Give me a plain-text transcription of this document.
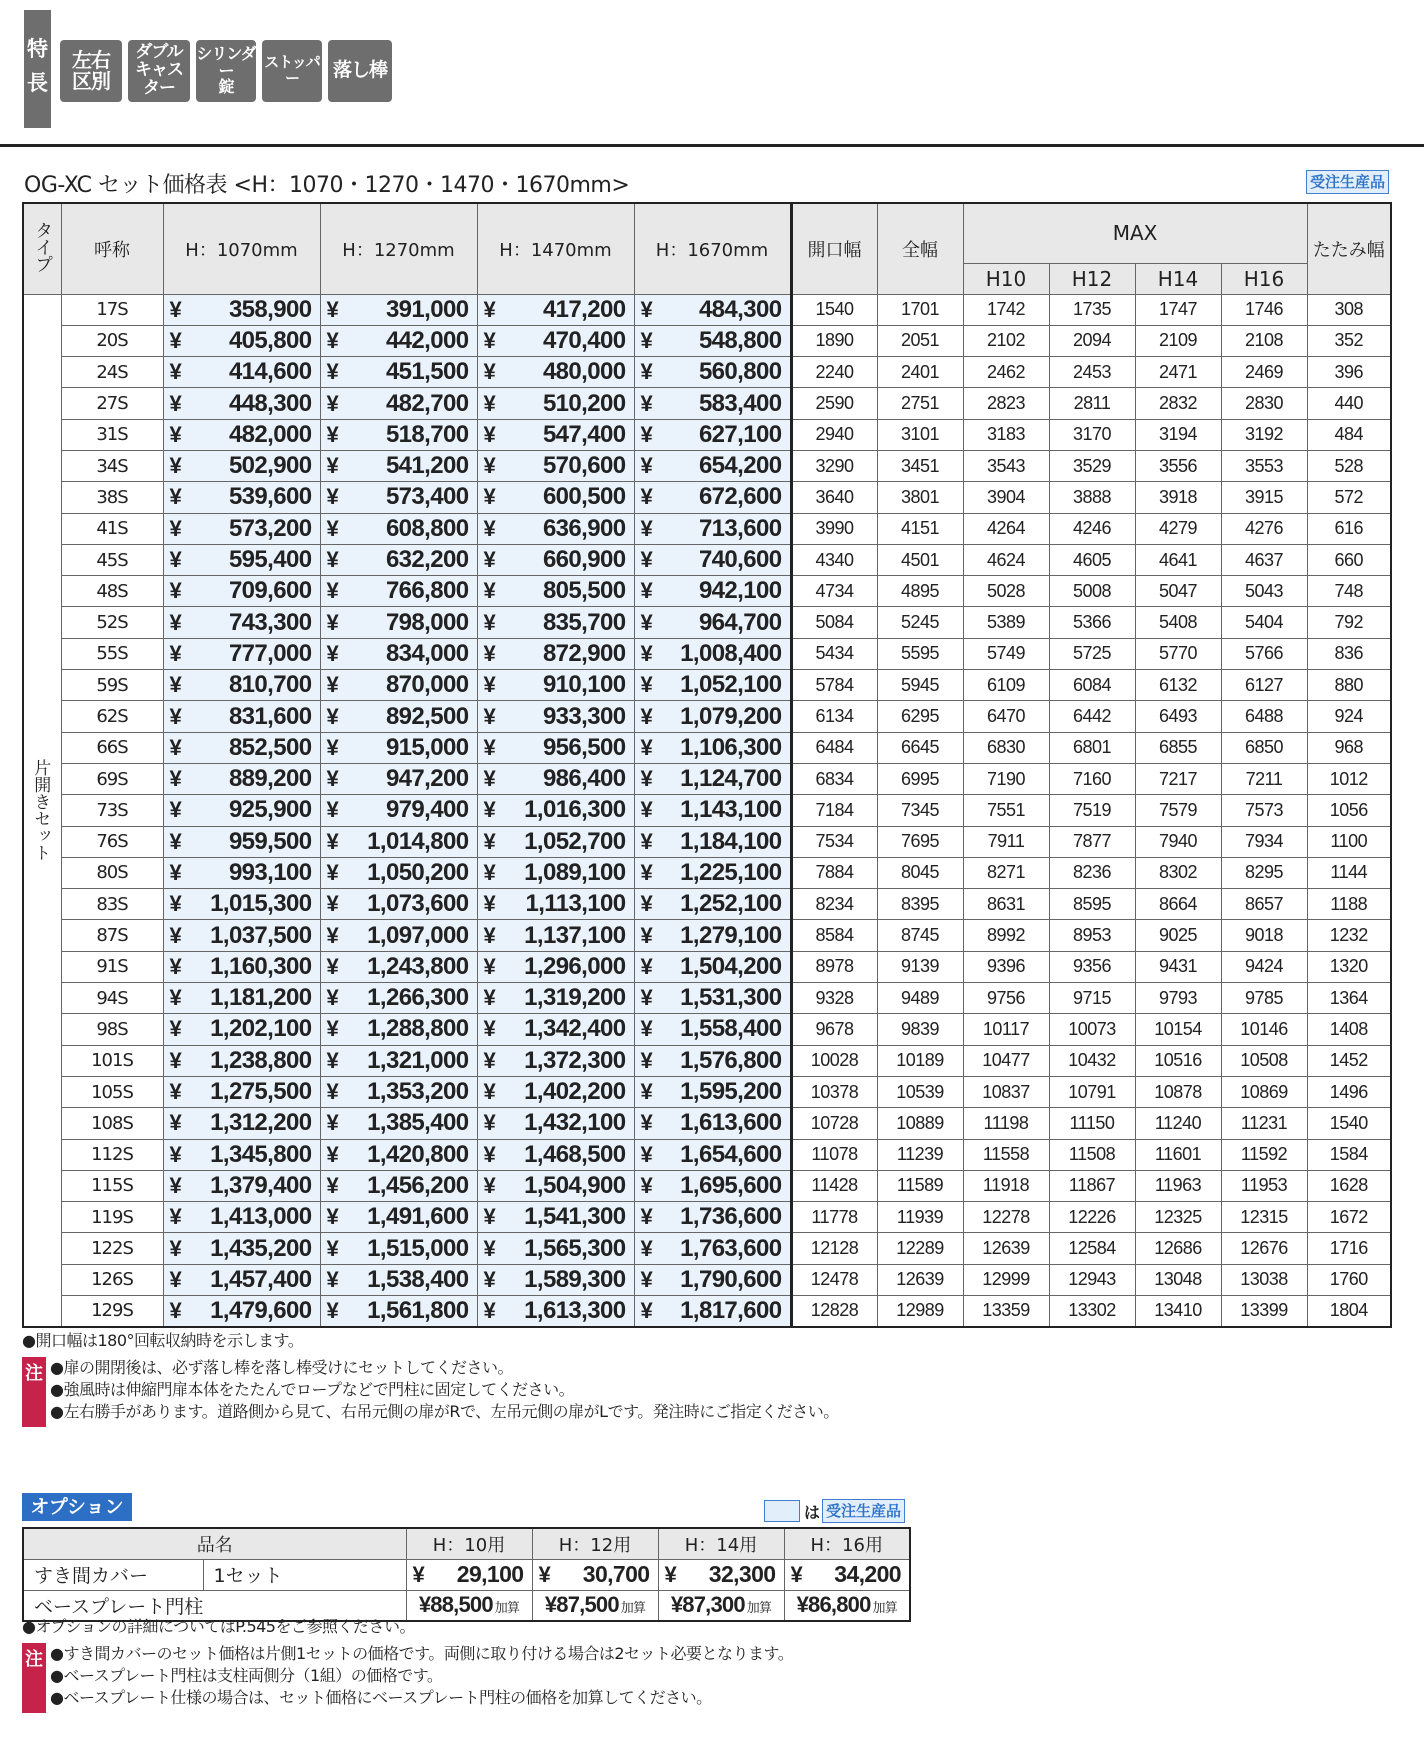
特
長
左右
区別
ダブル
キャスター
シリンダー
錠
ストッパー	落し棒
OG-XC セット価格表 <H：1070・1270・1470・1670mm>	受注生産品
タイプ	呼称	H：1070mm	H：1270mm	H：1470mm	H：1670mm	開口幅	全幅	MAX				たたみ幅
								H10	H12	H14	H16	

片開きセット	17S	¥ 358,900	¥ 391,000	¥ 417,200	¥ 484,300	1540	1701	1742	1735	1747	1746	308
	20S	¥ 405,800	¥ 442,000	¥ 470,400	¥ 548,800	1890	2051	2102	2094	2109	2108	352
	24S	¥ 414,600	¥ 451,500	¥ 480,000	¥ 560,800	2240	2401	2462	2453	2471	2469	396
	27S	¥ 448,300	¥ 482,700	¥ 510,200	¥ 583,400	2590	2751	2823	2811	2832	2830	440
	31S	¥ 482,000	¥ 518,700	¥ 547,400	¥ 627,100	2940	3101	3183	3170	3194	3192	484
	34S	¥ 502,900	¥ 541,200	¥ 570,600	¥ 654,200	3290	3451	3543	3529	3556	3553	528
	38S	¥ 539,600	¥ 573,400	¥ 600,500	¥ 672,600	3640	3801	3904	3888	3918	3915	572
	41S	¥ 573,200	¥ 608,800	¥ 636,900	¥ 713,600	3990	4151	4264	4246	4279	4276	616
	45S	¥ 595,400	¥ 632,200	¥ 660,900	¥ 740,600	4340	4501	4624	4605	4641	4637	660
	48S	¥ 709,600	¥ 766,800	¥ 805,500	¥ 942,100	4734	4895	5028	5008	5047	5043	748
	52S	¥ 743,300	¥ 798,000	¥ 835,700	¥ 964,700	5084	5245	5389	5366	5408	5404	792
	55S	¥ 777,000	¥ 834,000	¥ 872,900	¥ 1,008,400	5434	5595	5749	5725	5770	5766	836
	59S	¥ 810,700	¥ 870,000	¥ 910,100	¥ 1,052,100	5784	5945	6109	6084	6132	6127	880
	62S	¥ 831,600	¥ 892,500	¥ 933,300	¥ 1,079,200	6134	6295	6470	6442	6493	6488	924
	66S	¥ 852,500	¥ 915,000	¥ 956,500	¥ 1,106,300	6484	6645	6830	6801	6855	6850	968
	69S	¥ 889,200	¥ 947,200	¥ 986,400	¥ 1,124,700	6834	6995	7190	7160	7217	7211	1012
	73S	¥ 925,900	¥ 979,400	¥ 1,016,300	¥ 1,143,100	7184	7345	7551	7519	7579	7573	1056
	76S	¥ 959,500	¥ 1,014,800	¥ 1,052,700	¥ 1,184,100	7534	7695	7911	7877	7940	7934	1100
	80S	¥ 993,100	¥ 1,050,200	¥ 1,089,100	¥ 1,225,100	7884	8045	8271	8236	8302	8295	1144
	83S	¥ 1,015,300	¥ 1,073,600	¥ 1,113,100	¥ 1,252,100	8234	8395	8631	8595	8664	8657	1188
	87S	¥ 1,037,500	¥ 1,097,000	¥ 1,137,100	¥ 1,279,100	8584	8745	8992	8953	9025	9018	1232
	91S	¥ 1,160,300	¥ 1,243,800	¥ 1,296,000	¥ 1,504,200	8978	9139	9396	9356	9431	9424	1320
	94S	¥ 1,181,200	¥ 1,266,300	¥ 1,319,200	¥ 1,531,300	9328	9489	9756	9715	9793	9785	1364
	98S	¥ 1,202,100	¥ 1,288,800	¥ 1,342,400	¥ 1,558,400	9678	9839	10117	10073	10154	10146	1408
	101S	¥ 1,238,800	¥ 1,321,000	¥ 1,372,300	¥ 1,576,800	10028	10189	10477	10432	10516	10508	1452
	105S	¥ 1,275,500	¥ 1,353,200	¥ 1,402,200	¥ 1,595,200	10378	10539	10837	10791	10878	10869	1496
	108S	¥ 1,312,200	¥ 1,385,400	¥ 1,432,100	¥ 1,613,600	10728	10889	11198	11150	11240	11231	1540
	112S	¥ 1,345,800	¥ 1,420,800	¥ 1,468,500	¥ 1,654,600	11078	11239	11558	11508	11601	11592	1584
	115S	¥ 1,379,400	¥ 1,456,200	¥ 1,504,900	¥ 1,695,600	11428	11589	11918	11867	11963	11953	1628
	119S	¥ 1,413,000	¥ 1,491,600	¥ 1,541,300	¥ 1,736,600	11778	11939	12278	12226	12325	12315	1672
	122S	¥ 1,435,200	¥ 1,515,000	¥ 1,565,300	¥ 1,763,600	12128	12289	12639	12584	12686	12676	1716
	126S	¥ 1,457,400	¥ 1,538,400	¥ 1,589,300	¥ 1,790,600	12478	12639	12999	12943	13048	13038	1760
	129S	¥ 1,479,600	¥ 1,561,800	¥ 1,613,300	¥ 1,817,600	12828	12989	13359	13302	13410	13399	1804
●開口幅は180°回転収納時を示します。
注 ●扉の開閉後は、必ず落し棒を落し棒受けにセットしてください。
●強風時は伸縮門扉本体をたたんでロープなどで門柱に固定してください。
●左右勝手があります。道路側から見て、右吊元側の扉がRで、左吊元側の扉がLです。発注時にご指定ください。
オプション	は 受注生産品
品名		H：10用	H：12用	H：14用	H：16用
すき間カバー	1セット	¥ 29,100	¥ 30,700	¥ 32,300	¥ 34,200

ベースプレート門柱		¥ 88,500 加算	¥ 87,500 加算	¥ 87,300 加算	¥ 86,800 加算
●オプションの詳細についてはP.545をご参照ください。
注 ●すき間カバーのセット価格は片側1セットの価格です。両側に取り付ける場合は2セット必要となります。
●ベースプレート門柱は支柱両側分（1組）の価格です。
●ベースプレート仕様の場合は、セット価格にベースプレート門柱の価格を加算してください。
